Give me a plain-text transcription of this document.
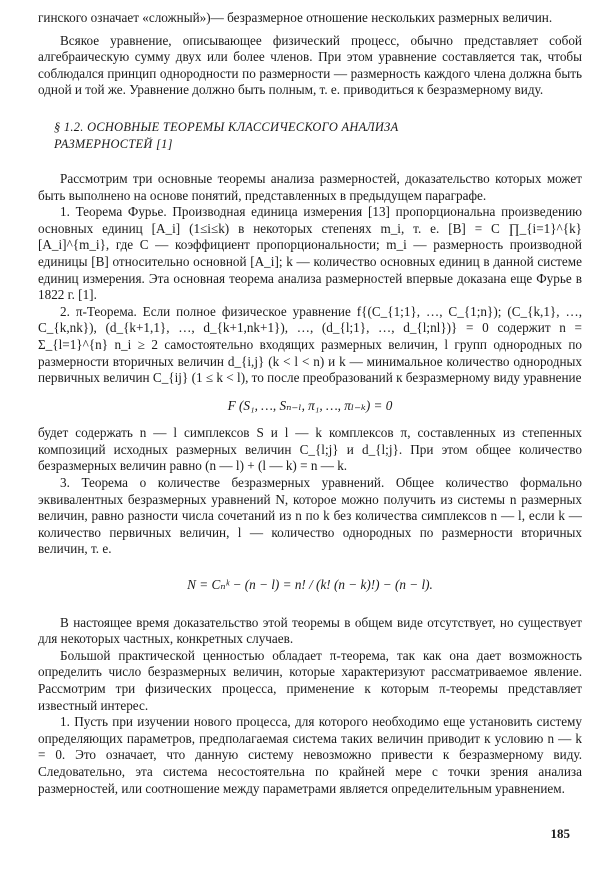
гинского означает «сложный»)— безразмерное отношение нескольких размерных величин.

Всякое уравнение, описывающее физический процесс, обычно представляет собой алгебраическую сумму двух или более членов. При этом уравнение составляется так, чтобы соблюдался принцип однородности по размерности — размерность каждого члена должна быть одной и той же. Уравнение должно быть полным, т. е. приводиться к безразмерному виду.

§ 1.2. ОСНОВНЫЕ ТЕОРЕМЫ КЛАССИЧЕСКОГО АНАЛИЗА
РАЗМЕРНОСТЕЙ [1]

Рассмотрим три основные теоремы анализа размерностей, доказательство которых может быть выполнено на основе понятий, представленных в предыдущем параграфе.

1. Теорема Фурье. Производная единица измерения [13] пропорциональна произведению основных единиц [A_i] (1≤i≤k) в некоторых степенях m_i, т. е. [B] = C ∏_{i=1}^{k} [A_i]^{m_i}, где C — коэффициент пропорциональности; m_i — размерность производной единицы [B] относительно основной [A_i]; k — количество основных единиц в данной системе единиц измерения. Эта основная теорема анализа размерностей впервые доказана еще Фурье в 1822 г. [1].

2. π-Теорема. Если полное физическое уравнение f{(C_{1;1}, …, C_{1;n}); (C_{k,1}, …, C_{k,nk}), (d_{k+1,1}, …, d_{k+1,nk+1}), …, (d_{l;1}, …, d_{l;nl})} = 0 содержит n = Σ_{l=1}^{n} n_i ≥ 2 самостоятельно входящих размерных величин, l групп однородных по размерности вторичных величин d_{i,j} (k < l < n) и k — минимальное количество однородных первичных величин C_{ij} (1 ≤ k < l), то после преобразований к безразмерному виду уравнение

F (S₁, …, Sₙ₋ₗ, π₁, …, πₗ₋ₖ) = 0

будет содержать n — l симплексов S и l — k комплексов π, составленных из степенных композиций исходных размерных величин C_{l;j} и d_{l;j}. При этом общее количество безразмерных величин равно (n — l) + (l — k) = n — k.

3. Теорема о количестве безразмерных уравнений. Общее количество формально эквивалентных безразмерных уравнений N, которое можно получить из системы n размерных величин, равно разности числа сочетаний из n по k без количества симплексов n — l, если k — количество первичных величин, l — количество однородных по размерности вторичных величин, т. е.

N = Cₙᵏ − (n − l) = n! / (k! (n − k)!) − (n − l).

В настоящее время доказательство этой теоремы в общем виде отсутствует, но существует для некоторых частных, конкретных случаев.

Большой практической ценностью обладает π-теорема, так как она дает возможность определить число безразмерных величин, которые характеризуют рассматриваемое явление. Рассмотрим три физических процесса, применение к которым π-теоремы представляет известный интерес.

1. Пусть при изучении нового процесса, для которого необходимо еще установить систему определяющих параметров, предполагаемая система таких величин приводит к условию n — k = 0. Это означает, что данную систему невозможно привести к безразмерному виду. Следовательно, эта система несостоятельна по крайней мере с точки зрения анализа размерностей, или соотношение между параметрами является определительным уравнением.

185
